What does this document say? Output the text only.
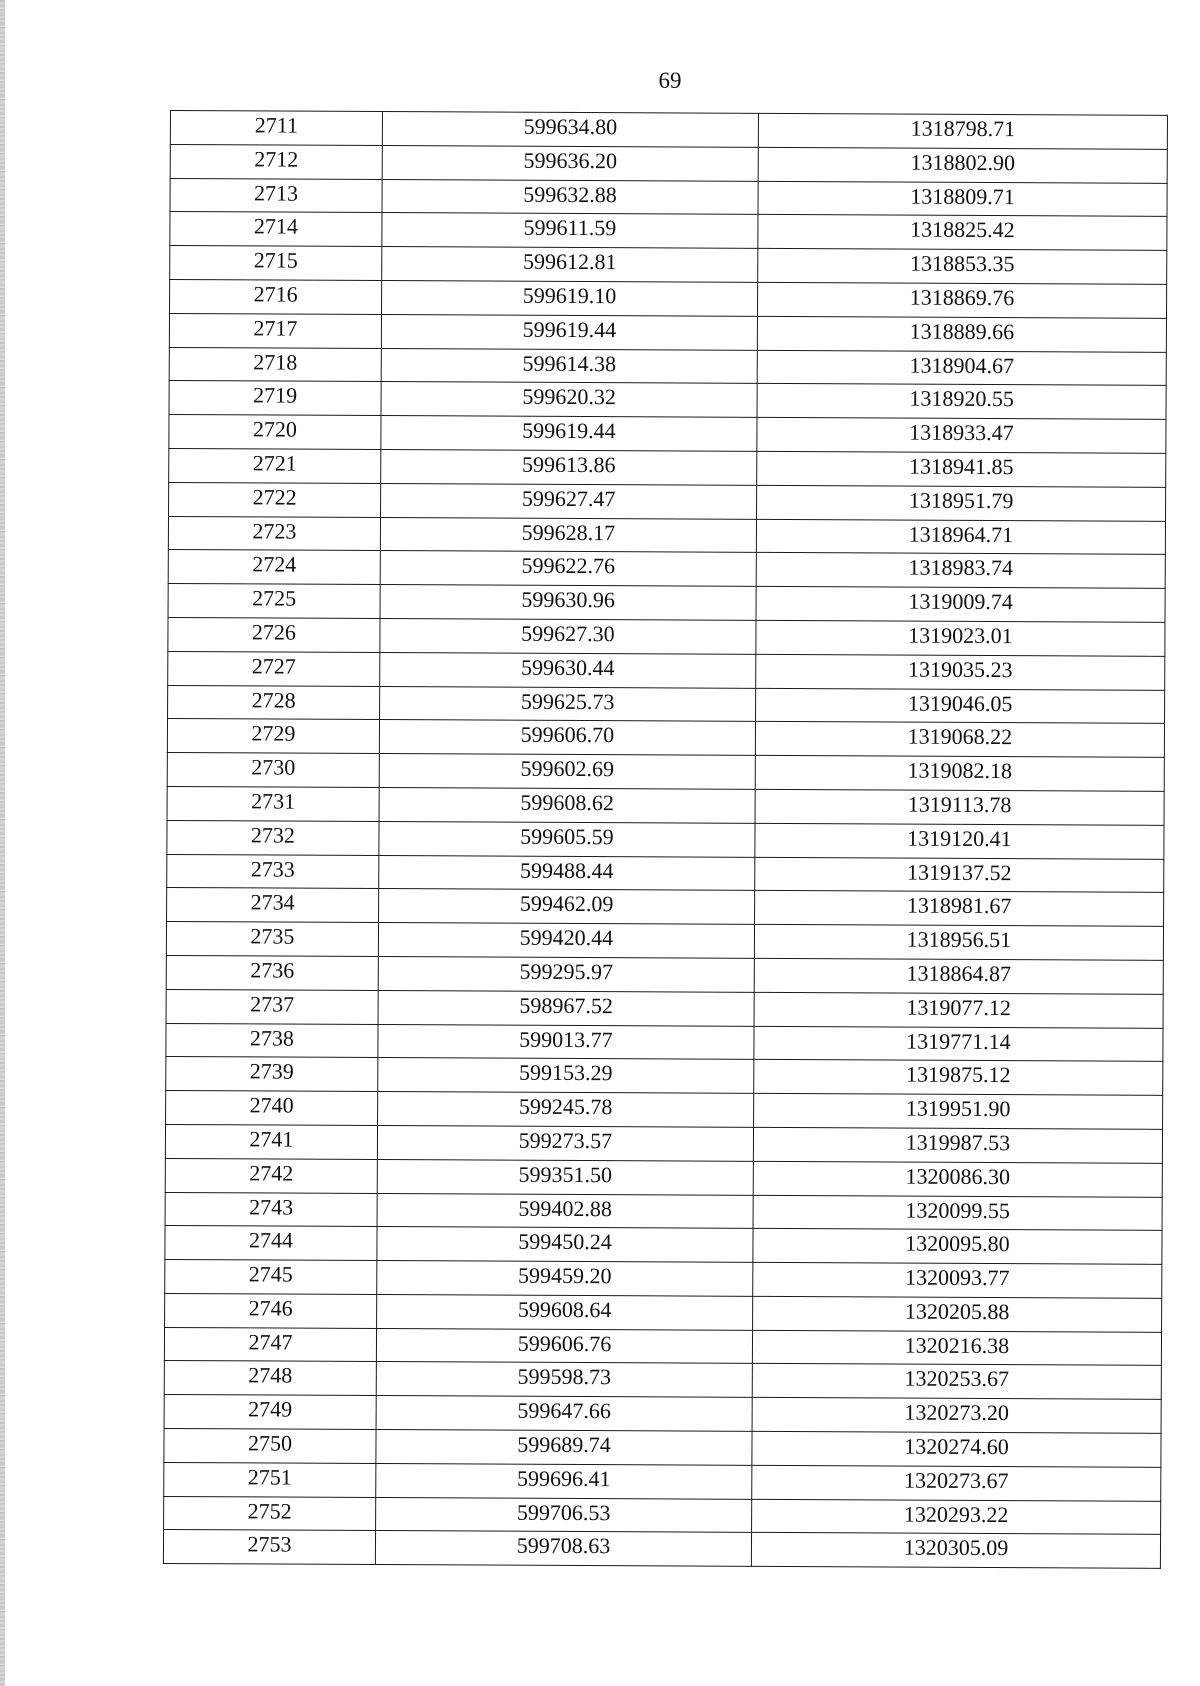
69
2711	599634.80	1318798.71
2712	599636.20	1318802.90
2713	599632.88	1318809.71
2714	599611.59	1318825.42
2715	599612.81	1318853.35
2716	599619.10	1318869.76
2717	599619.44	1318889.66
2718	599614.38	1318904.67
2719	599620.32	1318920.55
2720	599619.44	1318933.47
2721	599613.86	1318941.85
2722	599627.47	1318951.79
2723	599628.17	1318964.71
2724	599622.76	1318983.74
2725	599630.96	1319009.74
2726	599627.30	1319023.01
2727	599630.44	1319035.23
2728	599625.73	1319046.05
2729	599606.70	1319068.22
2730	599602.69	1319082.18
2731	599608.62	1319113.78
2732	599605.59	1319120.41
2733	599488.44	1319137.52
2734	599462.09	1318981.67
2735	599420.44	1318956.51
2736	599295.97	1318864.87
2737	598967.52	1319077.12
2738	599013.77	1319771.14
2739	599153.29	1319875.12
2740	599245.78	1319951.90
2741	599273.57	1319987.53
2742	599351.50	1320086.30
2743	599402.88	1320099.55
2744	599450.24	1320095.80
2745	599459.20	1320093.77
2746	599608.64	1320205.88
2747	599606.76	1320216.38
2748	599598.73	1320253.67
2749	599647.66	1320273.20
2750	599689.74	1320274.60
2751	599696.41	1320273.67
2752	599706.53	1320293.22
2753	599708.63	1320305.09
